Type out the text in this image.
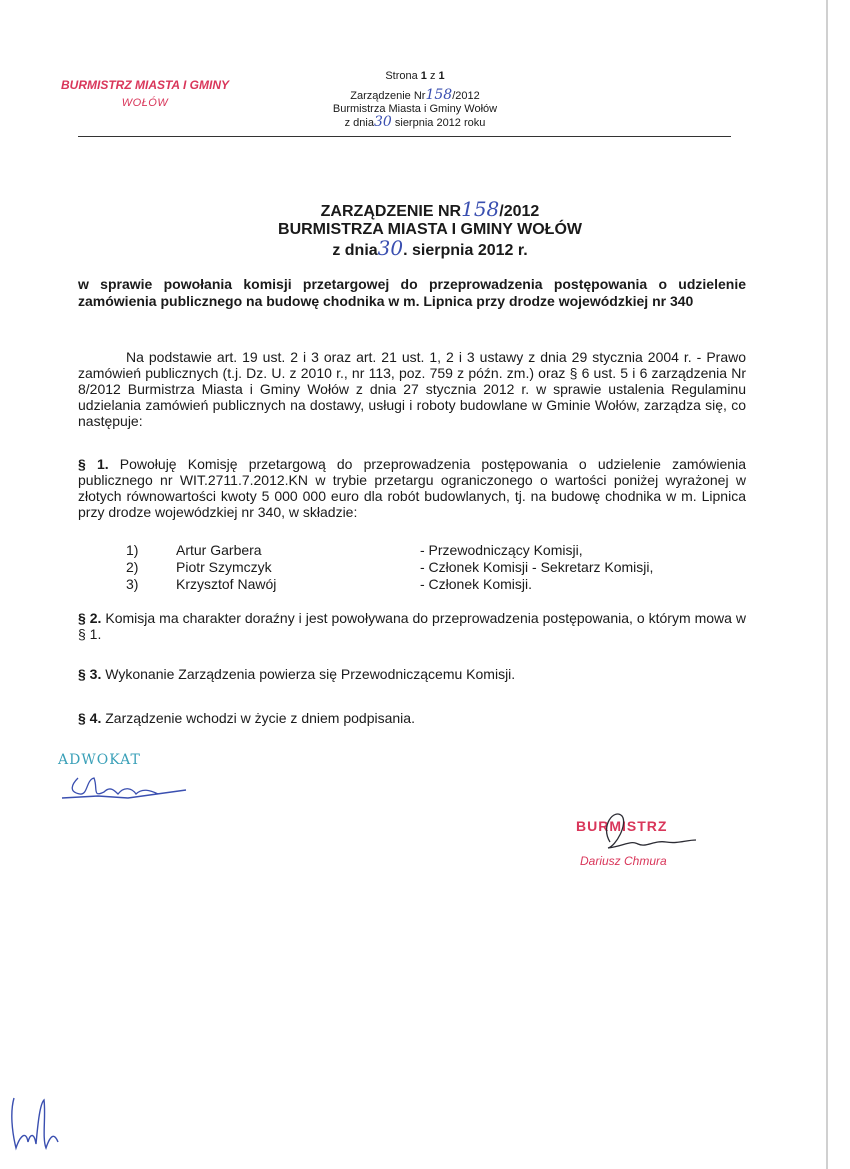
BURMISTRZ MIASTA I GMINY
WOŁÓW
Strona 1 z 1
Zarządzenie Nr158/2012
Burmistrza Miasta i Gminy Wołów
z dnia30 sierpnia 2012 roku
ZARZĄDZENIE NR158/2012
BURMISTRZA MIASTA I GMINY WOŁÓW
z dnia30. sierpnia 2012 r.
w sprawie powołania komisji przetargowej do przeprowadzenia postępowania o udzielenie zamówienia publicznego na budowę chodnika w m. Lipnica przy drodze wojewódzkiej nr 340
Na podstawie art. 19 ust. 2 i 3 oraz art. 21 ust. 1, 2 i 3 ustawy z dnia 29 stycznia 2004 r. - Prawo zamówień publicznych (t.j. Dz. U. z 2010 r., nr 113, poz. 759 z późn. zm.) oraz § 6 ust. 5 i 6 zarządzenia Nr 8/2012 Burmistrza Miasta i Gminy Wołów z dnia 27 stycznia 2012 r. w sprawie ustalenia Regulaminu udzielania zamówień publicznych na dostawy, usługi i roboty budowlane w Gminie Wołów, zarządza się, co następuje:
§ 1. Powołuję Komisję przetargową do przeprowadzenia postępowania o udzielenie zamówienia publicznego nr WIT.2711.7.2012.KN w trybie przetargu ograniczonego o wartości poniżej wyrażonej w złotych równowartości kwoty 5 000 000 euro dla robót budowlanych, tj. na budowę chodnika w m. Lipnica przy drodze wojewódzkiej nr 340, w składzie:
1)	Artur Garbera	- Przewodniczący Komisji,
2)	Piotr Szymczyk	- Członek Komisji - Sekretarz Komisji,
3)	Krzysztof Nawój	- Członek Komisji.
§ 2. Komisja ma charakter doraźny i jest powoływana do przeprowadzenia postępowania, o którym mowa w § 1.
§ 3. Wykonanie Zarządzenia powierza się Przewodniczącemu Komisji.
§ 4. Zarządzenie wchodzi w życie z dniem podpisania.
ADWOKAT
BURMISTRZ
Dariusz Chmura
